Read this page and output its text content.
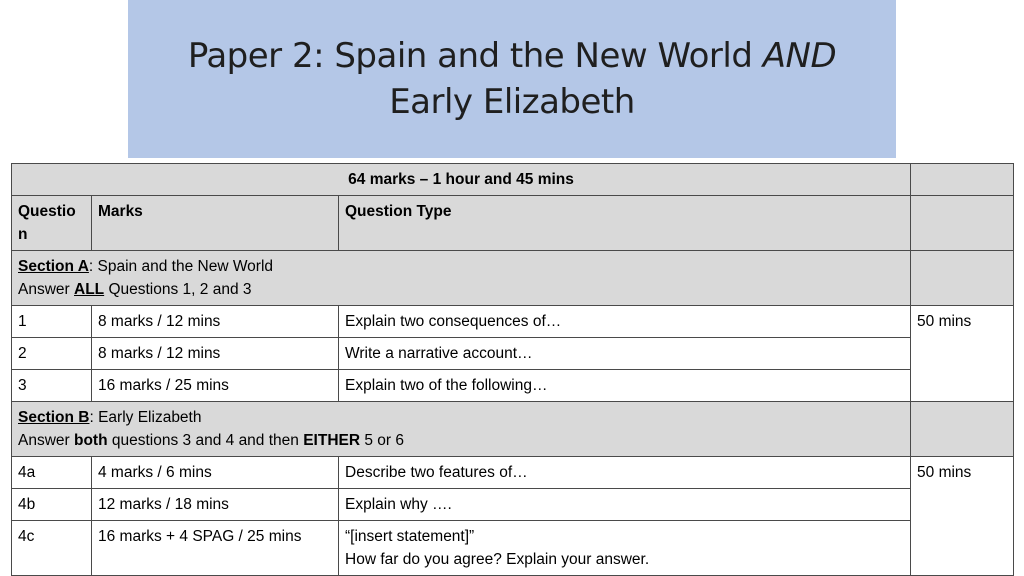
Paper 2: Spain and the New World AND
Early Elizabeth
64 marks – 1 hour and 45 mins			
Question	Marks	Question Type	
Section A: Spain and the New World
Answer ALL Questions 1, 2 and 3			
1	8 marks / 12 mins	Explain two consequences of…	50 mins
2	8 marks / 12 mins	Write a narrative account…	
3	16 marks / 25 mins	Explain two of the following…	
Section B: Early Elizabeth
Answer both questions 3 and 4 and then EITHER 5 or 6			
4a	4 marks / 6 mins	Describe two features of…	50 mins
4b	12 marks / 18 mins	Explain why ….	
4c	16 marks + 4 SPAG / 25 mins	“[insert statement]”
How far do you agree? Explain your answer.	
